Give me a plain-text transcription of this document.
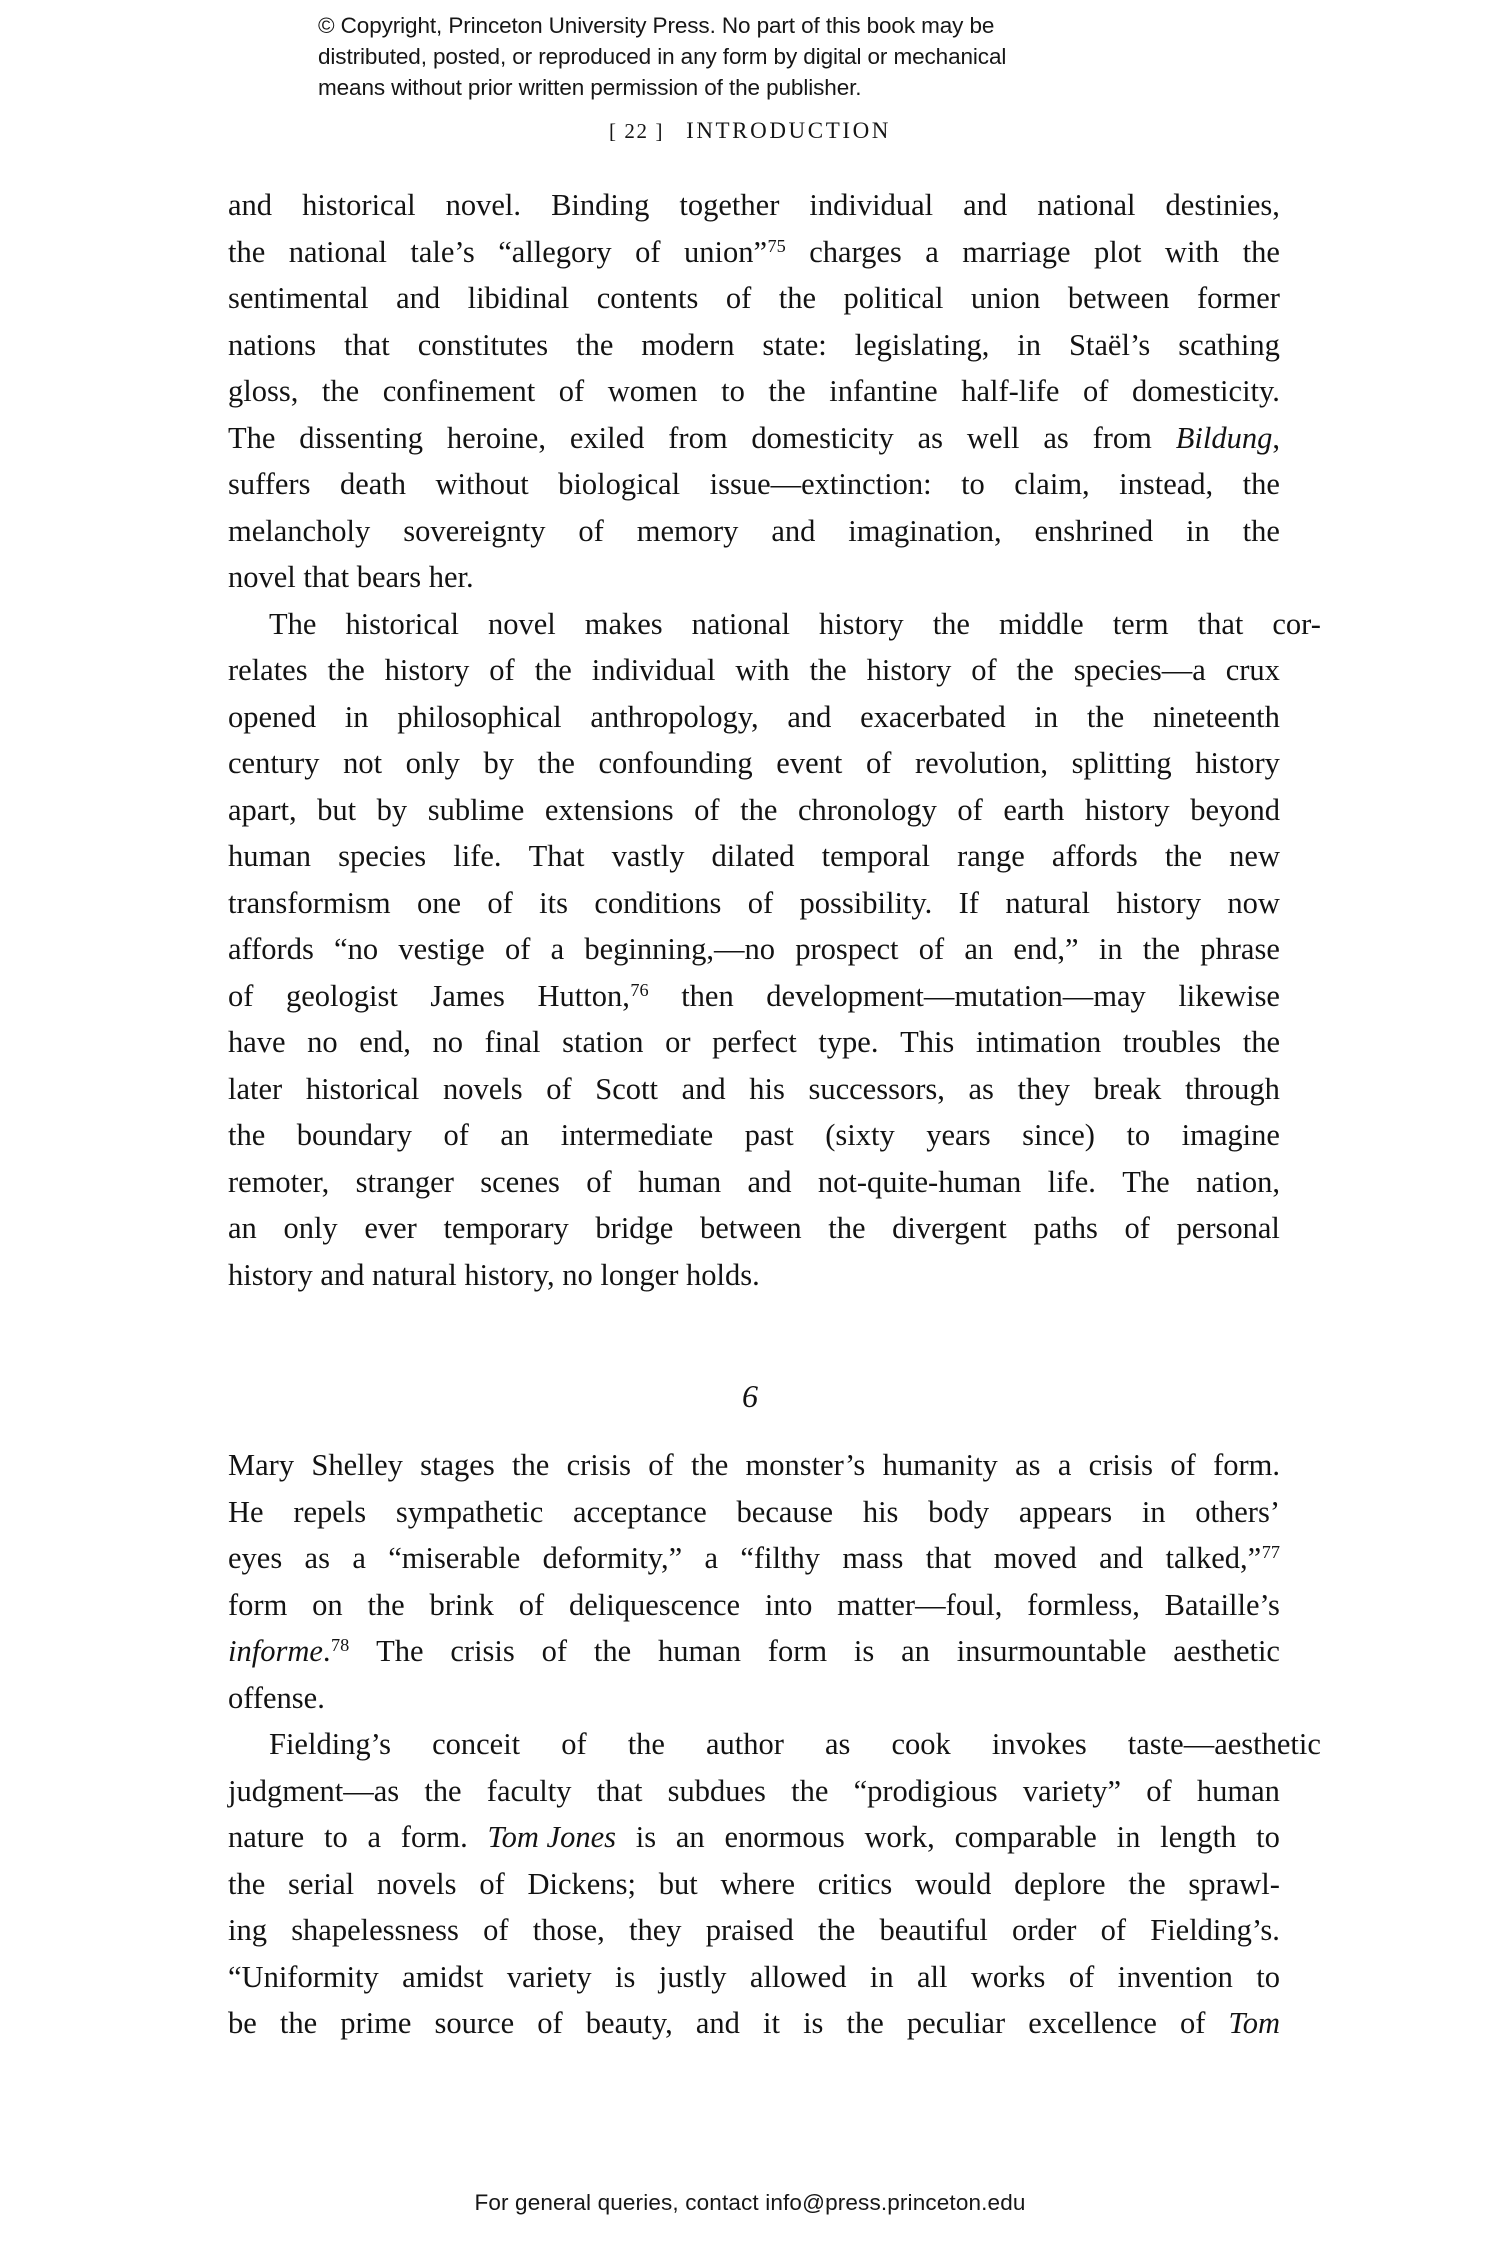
© Copyright, Princeton University Press. No part of this book may be
distributed, posted, or reproduced in any form by digital or mechanical
means without prior written permission of the publisher.
[ 22 ] INTRODUCTION
and historical novel. Binding together individual and national destinies,
the national tale’s “allegory of union”$^{75}$ charges a marriage plot with the
sentimental and libidinal contents of the political union between former
nations that constitutes the modern state: legislating, in Staël’s scathing
gloss, the confinement of women to the infantine half-life of domesticity.
The dissenting heroine, exiled from domesticity as well as from Bildung,
suffers death without biological issue—extinction: to claim, instead, the
melancholy sovereignty of memory and imagination, enshrined in the
novel that bears her.
The historical novel makes national history the middle term that cor-
relates the history of the individual with the history of the species—a crux
opened in philosophical anthropology, and exacerbated in the nineteenth
century not only by the confounding event of revolution, splitting history
apart, but by sublime extensions of the chronology of earth history beyond
human species life. That vastly dilated temporal range affords the new
transformism one of its conditions of possibility. If natural history now
affords “no vestige of a beginning,—no prospect of an end,” in the phrase
of geologist James Hutton,$^{76}$ then development—mutation—may likewise
have no end, no final station or perfect type. This intimation troubles the
later historical novels of Scott and his successors, as they break through
the boundary of an intermediate past (sixty years since) to imagine
remoter, stranger scenes of human and not-quite-human life. The nation,
an only ever temporary bridge between the divergent paths of personal
history and natural history, no longer holds.
6
Mary Shelley stages the crisis of the monster’s humanity as a crisis of form.
He repels sympathetic acceptance because his body appears in others’
eyes as a “miserable deformity,” a “filthy mass that moved and talked,”$^{77}$
form on the brink of deliquescence into matter—foul, formless, Bataille’s
informe.$^{78}$ The crisis of the human form is an insurmountable aesthetic
offense.
Fielding’s conceit of the author as cook invokes taste—aesthetic
judgment—as the faculty that subdues the “prodigious variety” of human
nature to a form. Tom Jones is an enormous work, comparable in length to
the serial novels of Dickens; but where critics would deplore the sprawl-
ing shapelessness of those, they praised the beautiful order of Fielding’s.
“Uniformity amidst variety is justly allowed in all works of invention to
be the prime source of beauty, and it is the peculiar excellence of Tom
For general queries, contact info@press.princeton.edu
